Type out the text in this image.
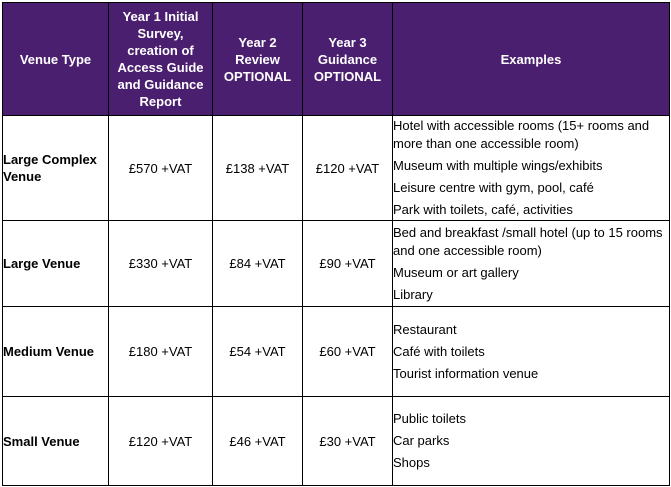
Venue Type	Year 1 Initial Survey, creation of Access Guide and Guidance Report	Year 2 Review OPTIONAL	Year 3 Guidance OPTIONAL	Examples
Large Complex Venue	£570 +VAT	£138 +VAT	£120 +VAT	Hotel with accessible rooms (15+ rooms and more than one accessible room)
Museum with multiple wings/exhibits
Leisure centre with gym, pool, café
Park with toilets, café, activities

Large Venue	£330 +VAT	£84 +VAT	£90 +VAT	Bed and breakfast /small hotel (up to 15 rooms and one accessible room)
Museum or art gallery
Library

Medium Venue	£180 +VAT	£54 +VAT	£60 +VAT	Restaurant
Café with toilets
Tourist information venue

Small Venue	£120 +VAT	£46 +VAT	£30 +VAT	Public toilets
Car parks
Shops
